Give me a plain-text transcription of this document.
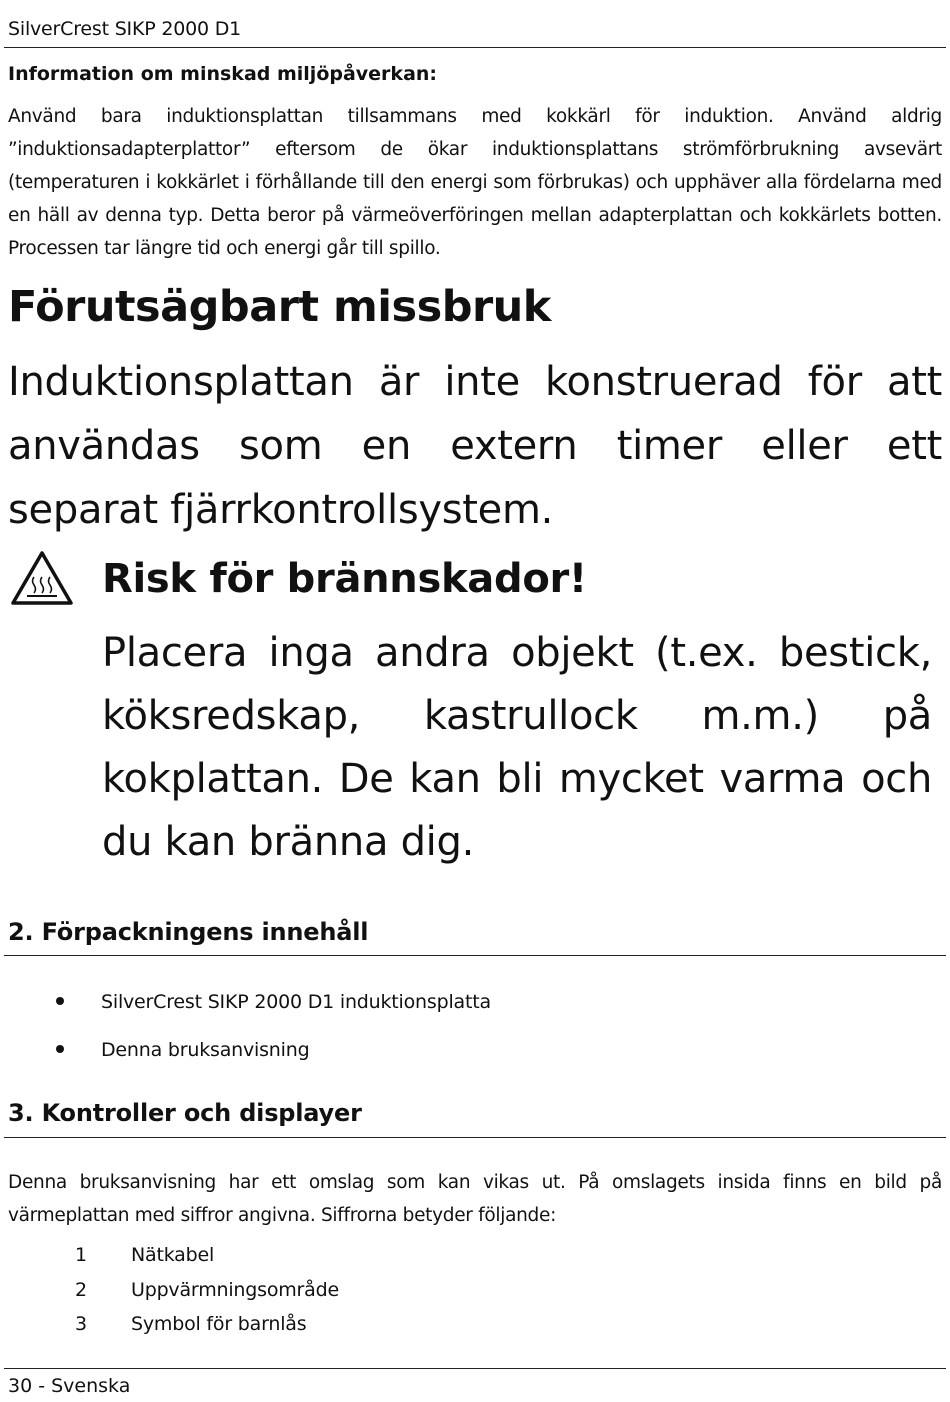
SilverCrest SIKP 2000 D1
Information om minskad miljöpåverkan:
Använd bara induktionsplattan tillsammans med kokkärl för induktion. Använd aldrig ”induktionsadapterplattor” eftersom de ökar induktionsplattans strömförbrukning avsevärt (temperaturen i kokkärlet i förhållande till den energi som förbrukas) och upphäver alla fördelarna med en häll av denna typ. Detta beror på värmeöverföringen mellan adapterplattan och kokkärlets botten. Processen tar längre tid och energi går till spillo.
Förutsägbart missbruk
Induktionsplattan är inte konstruerad för att användas som en extern timer eller ett separat fjärrkontrollsystem.
Risk för brännskador!
Placera inga andra objekt (t.ex. bestick, köksredskap, kastrullock m.m.) på kokplattan. De kan bli mycket varma och du kan bränna dig.
2. Förpackningens innehåll
SilverCrest SIKP 2000 D1 induktionsplatta
Denna bruksanvisning
3. Kontroller och displayer
Denna bruksanvisning har ett omslag som kan vikas ut. På omslagets insida finns en bild på värmeplattan med siffror angivna. Siffrorna betyder följande:
1 Nätkabel
2 Uppvärmningsområde
3 Symbol för barnlås
30 - Svenska
